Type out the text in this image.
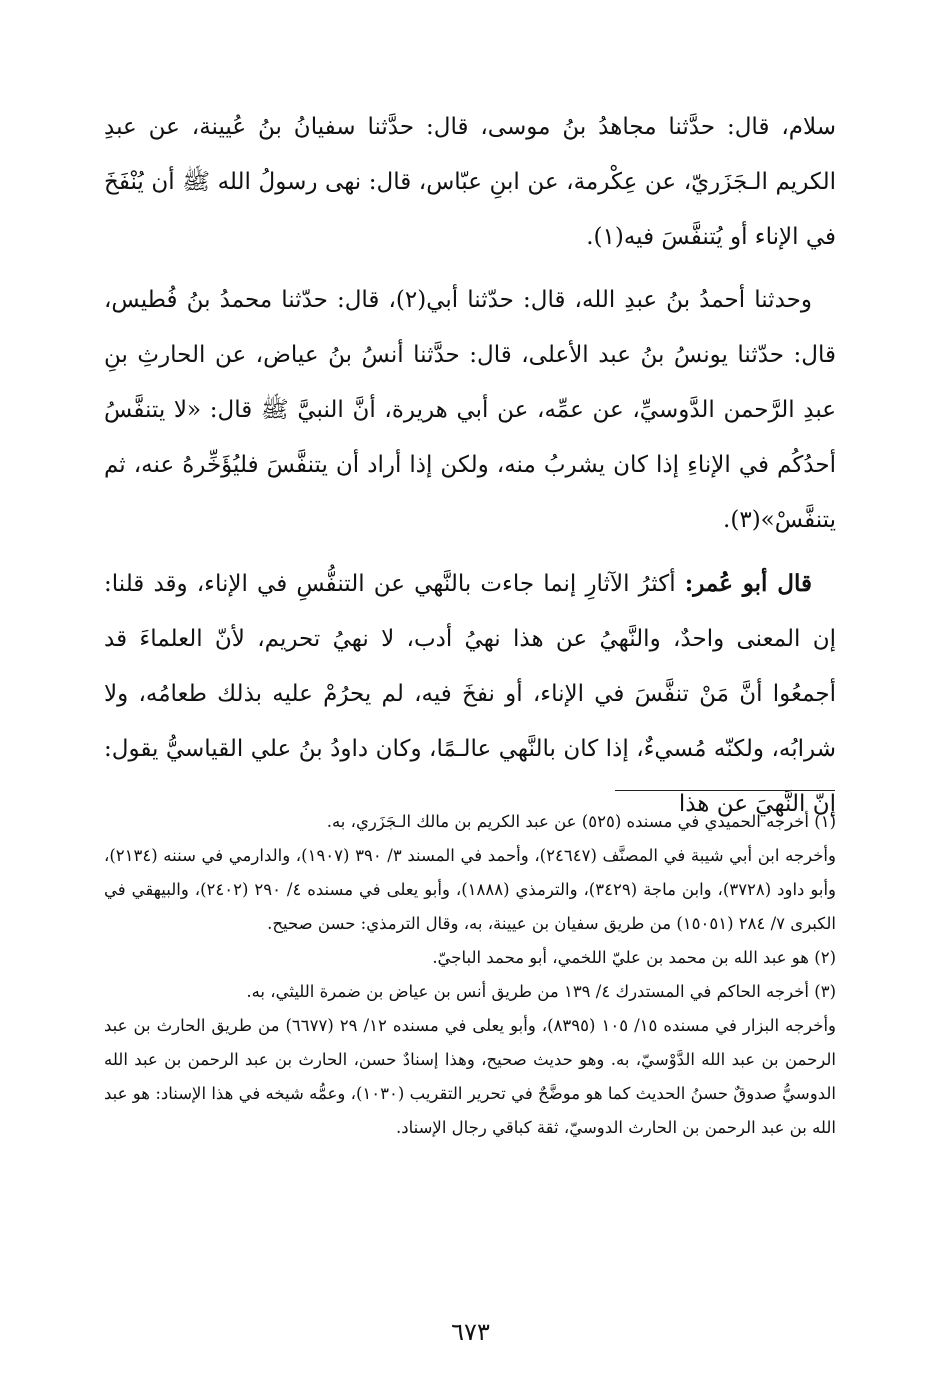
سلام، قال: حدَّثنا مجاهدُ بنُ موسى، قال: حدَّثنا سفيانُ بنُ عُيينة، عن عبدِ الكريم الـجَزَريّ، عن عِكْرمة، عن ابنِ عبّاس، قال: نهى رسولُ الله ﷺ أن يُنْفَخَ في الإناء أو يُتنفَّسَ فيه(١).

وحدثنا أحمدُ بنُ عبدِ الله، قال: حدّثنا أبي(٢)، قال: حدّثنا محمدُ بنُ فُطيس، قال: حدّثنا يونسُ بنُ عبد الأعلى، قال: حدَّثنا أنسُ بنُ عياض، عن الحارثِ بنِ عبدِ الرَّحمن الدَّوسيِّ، عن عمِّه، عن أبي هريرة، أنَّ النبيَّ ﷺ قال: «لا يتنفَّسُ أحدُكُم في الإناءِ إذا كان يشربُ منه، ولكن إذا أراد أن يتنفَّسَ فليُؤَخِّرهُ عنه، ثم يتنفَّسْ»(٣).

قال أبو عُمر: أكثرُ الآثارِ إنما جاءت بالنَّهي عن التنفُّسِ في الإناء، وقد قلنا: إن المعنى واحدٌ، والنَّهيُ عن هذا نهيُ أدب، لا نهيُ تحريم، لأنّ العلماءَ قد أجمعُوا أنَّ مَنْ تنفَّسَ في الإناء، أو نفخَ فيه، لم يحرُمْ عليه بذلك طعامُه، ولا شرابُه، ولكنّه مُسيءٌ، إذا كان بالنَّهي عالـمًا، وكان داودُ بنُ علي القياسيُّ يقول: إنّ النَّهيَ عن هذا

(١) أخرجه الحميدي في مسنده (٥٢٥) عن عبد الكريم بن مالك الـجَزَري، به.

وأخرجه ابن أبي شيبة في المصنَّف (٢٤٦٤٧)، وأحمد في المسند ٣/ ٣٩٠ (١٩٠٧)، والدارمي في سننه (٢١٣٤)، وأبو داود (٣٧٢٨)، وابن ماجة (٣٤٢٩)، والترمذي (١٨٨٨)، وأبو يعلى في مسنده ٤/ ٢٩٠ (٢٤٠٢)، والبيهقي في الكبرى ٧/ ٢٨٤ (١٥٠٥١) من طريق سفيان بن عيينة، به، وقال الترمذي: حسن صحيح.

(٢) هو عبد الله بن محمد بن عليّ اللخمي، أبو محمد الباجيّ.

(٣) أخرجه الحاكم في المستدرك ٤/ ١٣٩ من طريق أنس بن عياض بن ضمرة الليثي، به.

وأخرجه البزار في مسنده ١٥/ ١٠٥ (٨٣٩٥)، وأبو يعلى في مسنده ١٢/ ٢٩ (٦٦٧٧) من طريق الحارث بن عبد الرحمن بن عبد الله الدَّوْسيّ، به. وهو حديث صحيح، وهذا إسنادٌ حسن، الحارث بن عبد الرحمن بن عبد الله الدوسيُّ صدوقٌ حسنُ الحديث كما هو موضَّحٌ في تحرير التقريب (١٠٣٠)، وعمُّه شيخه في هذا الإسناد: هو عبد الله بن عبد الرحمن بن الحارث الدوسيّ، ثقة كباقي رجال الإسناد.

٦٧٣
